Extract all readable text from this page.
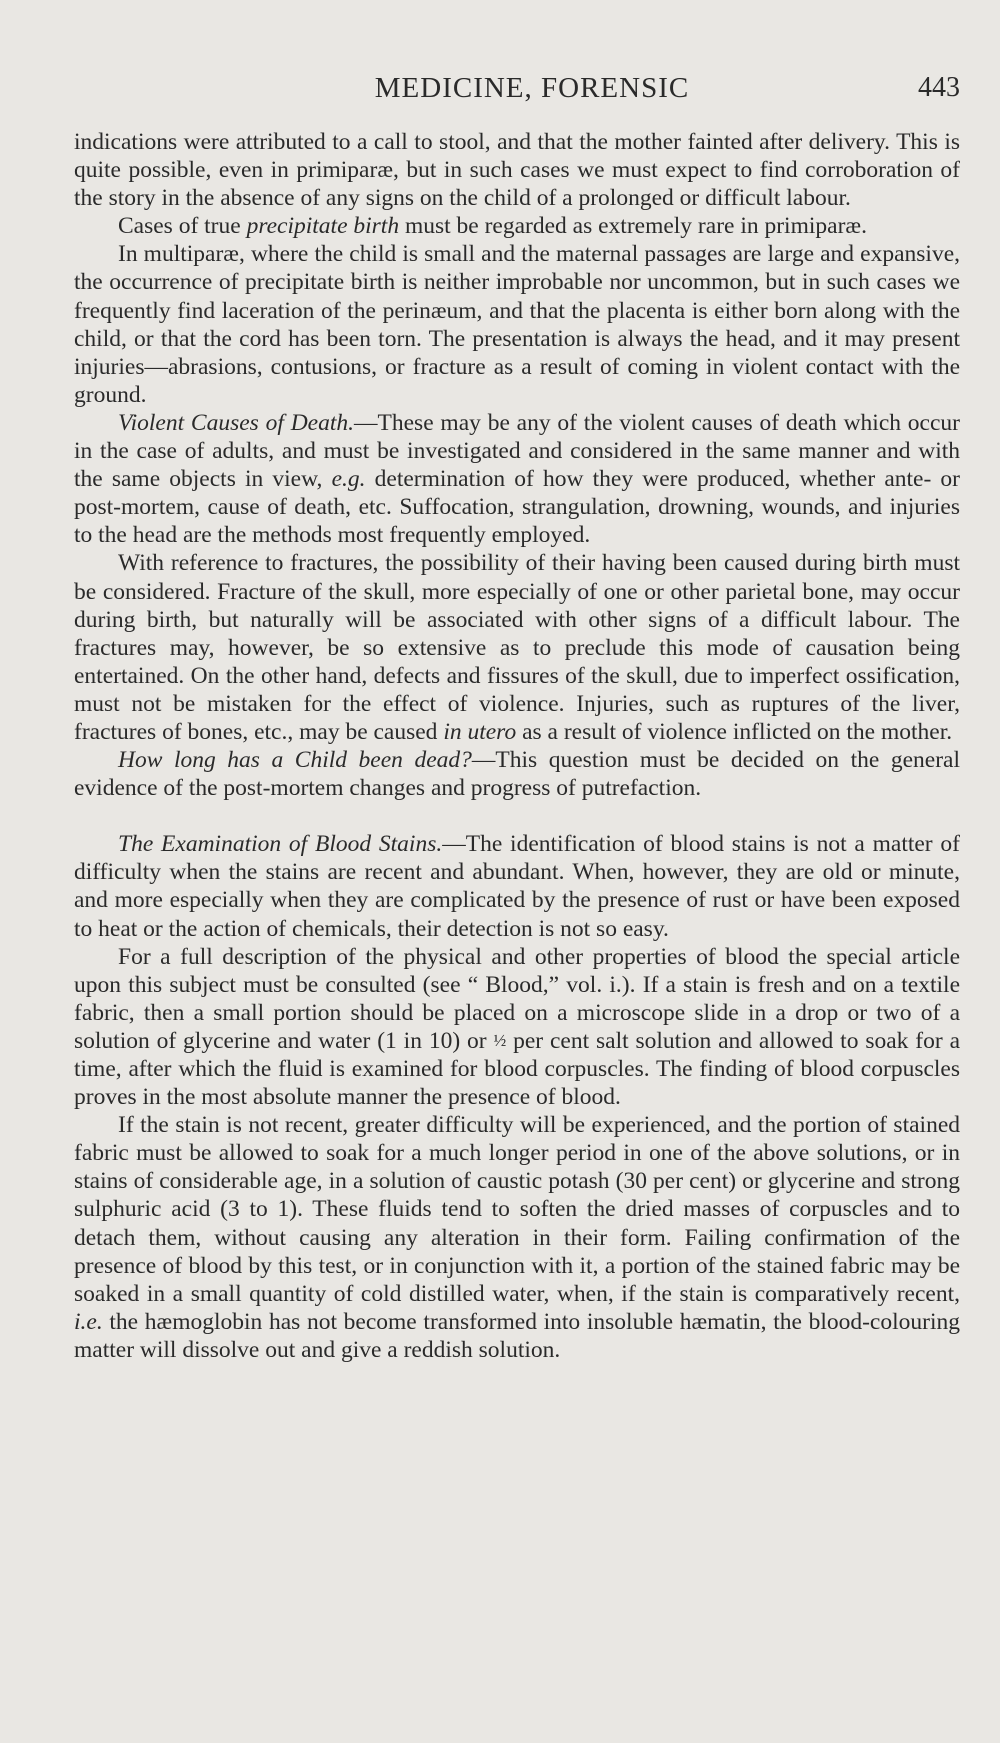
MEDICINE, FORENSIC	443

indications were attributed to a call to stool, and that the mother fainted after delivery. This is quite possible, even in primiparæ, but in such cases we must expect to find corroboration of the story in the absence of any signs on the child of a prolonged or difficult labour.

Cases of true precipitate birth must be regarded as extremely rare in primiparæ.

In multiparæ, where the child is small and the maternal passages are large and expansive, the occurrence of precipitate birth is neither improbable nor uncommon, but in such cases we frequently find laceration of the perinæum, and that the placenta is either born along with the child, or that the cord has been torn. The presentation is always the head, and it may present injuries—abrasions, contusions, or fracture as a result of coming in violent contact with the ground.

Violent Causes of Death.—These may be any of the violent causes of death which occur in the case of adults, and must be investigated and considered in the same manner and with the same objects in view, e.g. determination of how they were produced, whether ante- or post-mortem, cause of death, etc. Suffocation, strangulation, drowning, wounds, and injuries to the head are the methods most frequently employed.

With reference to fractures, the possibility of their having been caused during birth must be considered. Fracture of the skull, more especially of one or other parietal bone, may occur during birth, but naturally will be associated with other signs of a difficult labour. The fractures may, however, be so extensive as to preclude this mode of causation being entertained. On the other hand, defects and fissures of the skull, due to imperfect ossification, must not be mistaken for the effect of violence. Injuries, such as ruptures of the liver, fractures of bones, etc., may be caused in utero as a result of violence inflicted on the mother.

How long has a Child been dead?—This question must be decided on the general evidence of the post-mortem changes and progress of putrefaction.

The Examination of Blood Stains.—The identification of blood stains is not a matter of difficulty when the stains are recent and abundant. When, however, they are old or minute, and more especially when they are complicated by the presence of rust or have been exposed to heat or the action of chemicals, their detection is not so easy.

For a full description of the physical and other properties of blood the special article upon this subject must be consulted (see “ Blood,” vol. i.). If a stain is fresh and on a textile fabric, then a small portion should be placed on a microscope slide in a drop or two of a solution of glycerine and water (1 in 10) or ½ per cent salt solution and allowed to soak for a time, after which the fluid is examined for blood corpuscles. The finding of blood corpuscles proves in the most absolute manner the presence of blood.

If the stain is not recent, greater difficulty will be experienced, and the portion of stained fabric must be allowed to soak for a much longer period in one of the above solutions, or in stains of considerable age, in a solution of caustic potash (30 per cent) or glycerine and strong sulphuric acid (3 to 1). These fluids tend to soften the dried masses of corpuscles and to detach them, without causing any alteration in their form. Failing confirmation of the presence of blood by this test, or in conjunction with it, a portion of the stained fabric may be soaked in a small quantity of cold distilled water, when, if the stain is comparatively recent, i.e. the hæmoglobin has not become transformed into insoluble hæmatin, the blood-colouring matter will dissolve out and give a reddish solution.
